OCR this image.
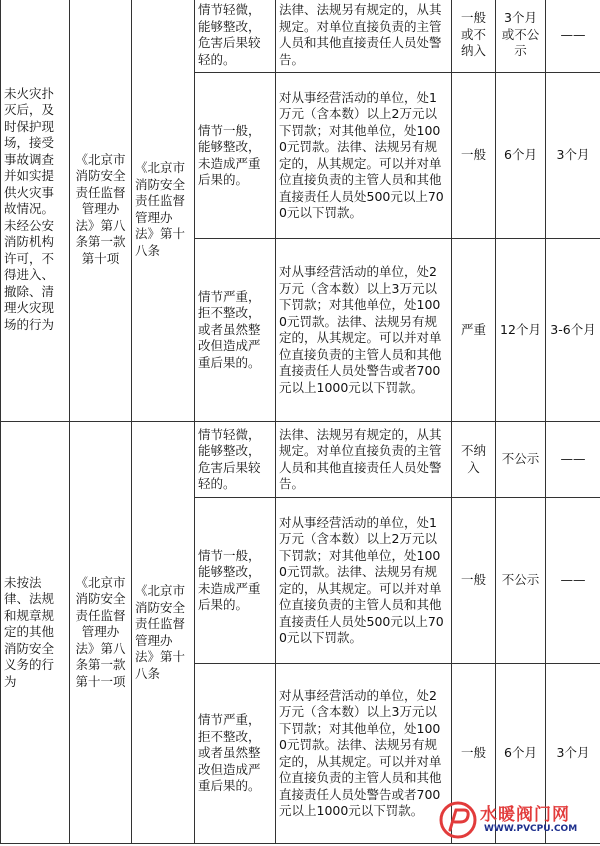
未火灾扑灭后，及时保护现场，接受事故调查并如实提供火灾事故情况。未经公安消防机构许可，不得进入、撤除、清理火灾现场的行为	《北京市消防安全责任监督管理办法》第八条第一款第十项	《北京市消防安全责任监督管理办法》第十八条	情节轻微，能够整改，危害后果较轻的。	法律、法规另有规定的，从其规定。对单位直接负责的主管人员和其他直接责任人员处警告。	一般或不纳入	3个月或不公示	——
			情节一般，能够整改，未造成严重后果的。	对从事经营活动的单位，处1万元（含本数）以上2万元以下罚款；对其他单位，处1000元罚款。法律、法规另有规定的，从其规定。可以并对单位直接负责的主管人员和其他直接责任人员处500元以上700元以下罚款。	一般	6个月	3个月
			情节严重，拒不整改，或者虽然整改但造成严重后果的。	对从事经营活动的单位，处2万元（含本数）以上3万元以下罚款；对其他单位，处1000元罚款。法律、法规另有规定的，从其规定。可以并对单位直接负责的主管人员和其他直接责任人员处警告或者700元以上1000元以下罚款。	严重	12个月	3-6个月
未按法律、法规和规章规定的其他消防安全义务的行为	《北京市消防安全责任监督管理办法》第八条第一款第十一项	《北京市消防安全责任监督管理办法》第十八条	情节轻微，能够整改，危害后果较轻的。	法律、法规另有规定的，从其规定。对单位直接负责的主管人员和其他直接责任人员处警告。	不纳入	不公示	——
			情节一般，能够整改，未造成严重后果的。	对从事经营活动的单位，处1万元（含本数）以上2万元以下罚款；对其他单位，处1000元罚款。法律、法规另有规定的，从其规定。可以并对单位直接负责的主管人员和其他直接责任人员处500元以上700元以下罚款。	一般	不公示	——
			情节严重，拒不整改，或者虽然整改但造成严重后果的。	对从事经营活动的单位，处2万元（含本数）以上3万元以下罚款；对其他单位，处1000元罚款。法律、法规另有规定的，从其规定。可以并对单位直接负责的主管人员和其他直接责任人员处警告或者700元以上1000元以下罚款。	一般	6个月	3个月
水暖阀门网
WWW.PVCPU.COM
